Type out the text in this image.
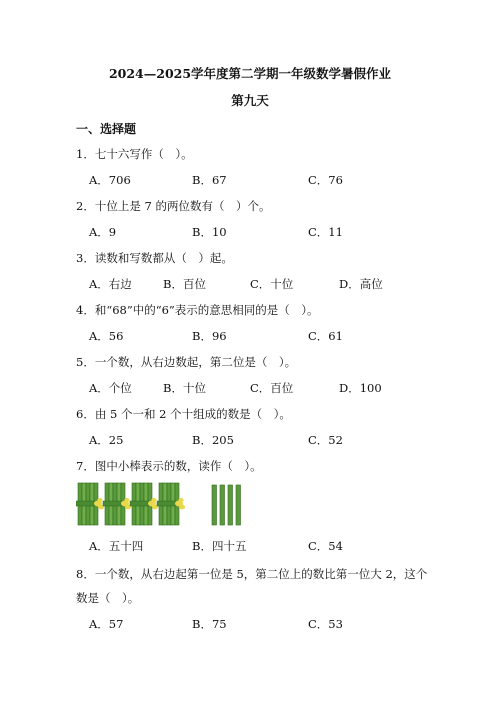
2024—2025学年度第二学期一年级数学暑假作业
第九天
一、选择题
1．七十六写作（　）。
A．706	B．67	C．76
2．十位上是 7 的两位数有（　）个。
A．9	B．10	C．11
3．读数和写数都从（　）起。
A．右边	B．百位	C．十位	D．高位
4．和“68”中的“6”表示的意思相同的是（　）。
A．56	B．96	C．61
5．一个数，从右边数起，第二位是（　）。
A．个位	B．十位	C．百位	D．100
6．由 5 个一和 2 个十组成的数是（　）。
A．25	B．205	C．52
7．图中小棒表示的数，读作（　）。
A．五十四	B．四十五	C．54
8．一个数，从右边起第一位是 5，第二位上的数比第一位大 2，这个
数是（　）。
A．57	B．75	C．53
